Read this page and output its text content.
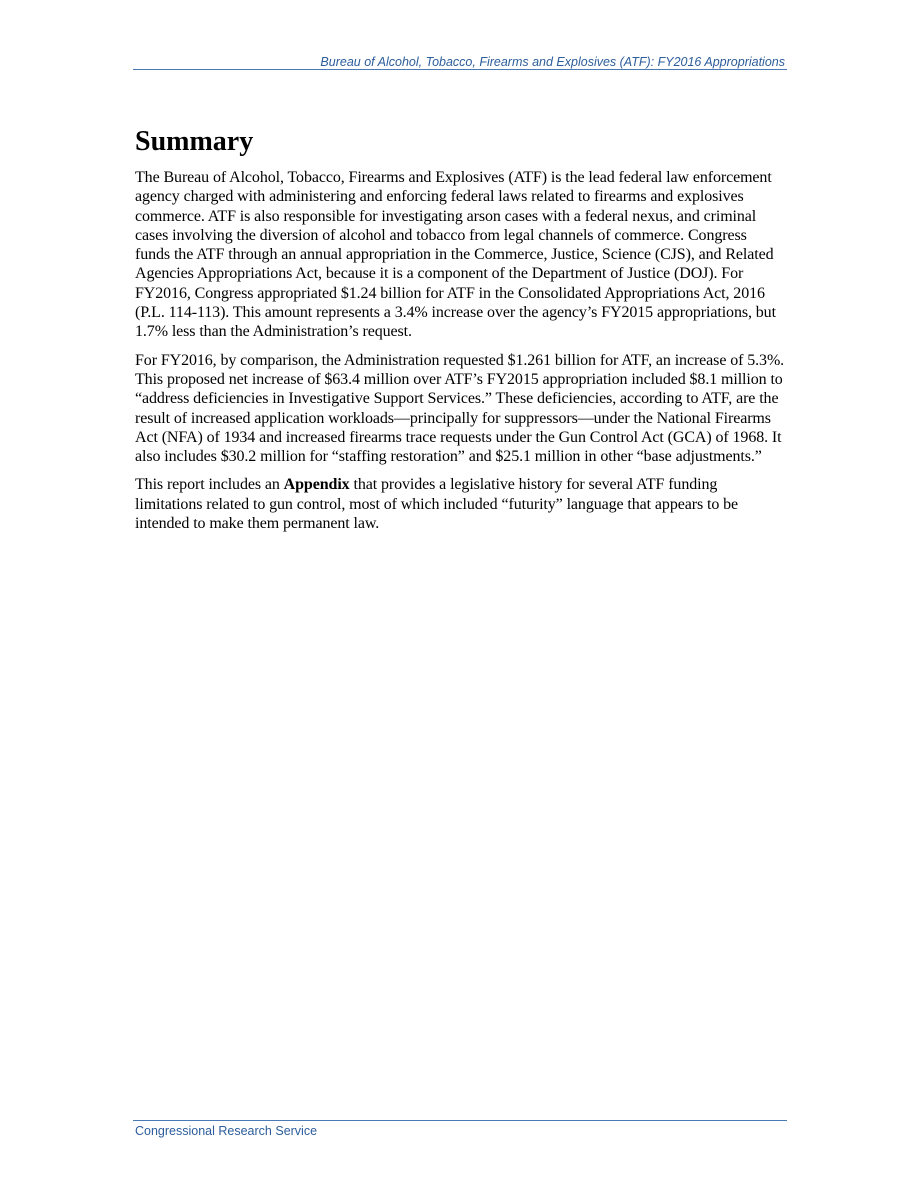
Bureau of Alcohol, Tobacco, Firearms and Explosives (ATF): FY2016 Appropriations
Summary

The Bureau of Alcohol, Tobacco, Firearms and Explosives (ATF) is the lead federal law enforcement agency charged with administering and enforcing federal laws related to firearms and explosives commerce. ATF is also responsible for investigating arson cases with a federal nexus, and criminal cases involving the diversion of alcohol and tobacco from legal channels of commerce. Congress funds the ATF through an annual appropriation in the Commerce, Justice, Science (CJS), and Related Agencies Appropriations Act, because it is a component of the Department of Justice (DOJ). For FY2016, Congress appropriated $1.24 billion for ATF in the Consolidated Appropriations Act, 2016 (P.L. 114-113). This amount represents a 3.4% increase over the agency’s FY2015 appropriations, but 1.7% less than the Administration’s request.

For FY2016, by comparison, the Administration requested $1.261 billion for ATF, an increase of 5.3%. This proposed net increase of $63.4 million over ATF’s FY2015 appropriation included $8.1 million to “address deficiencies in Investigative Support Services.” These deficiencies, according to ATF, are the result of increased application workloads—principally for suppressors—under the National Firearms Act (NFA) of 1934 and increased firearms trace requests under the Gun Control Act (GCA) of 1968. It also includes $30.2 million for “staffing restoration” and $25.1 million in other “base adjustments.”

This report includes an Appendix that provides a legislative history for several ATF funding limitations related to gun control, most of which included “futurity” language that appears to be intended to make them permanent law.

Congressional Research Service
